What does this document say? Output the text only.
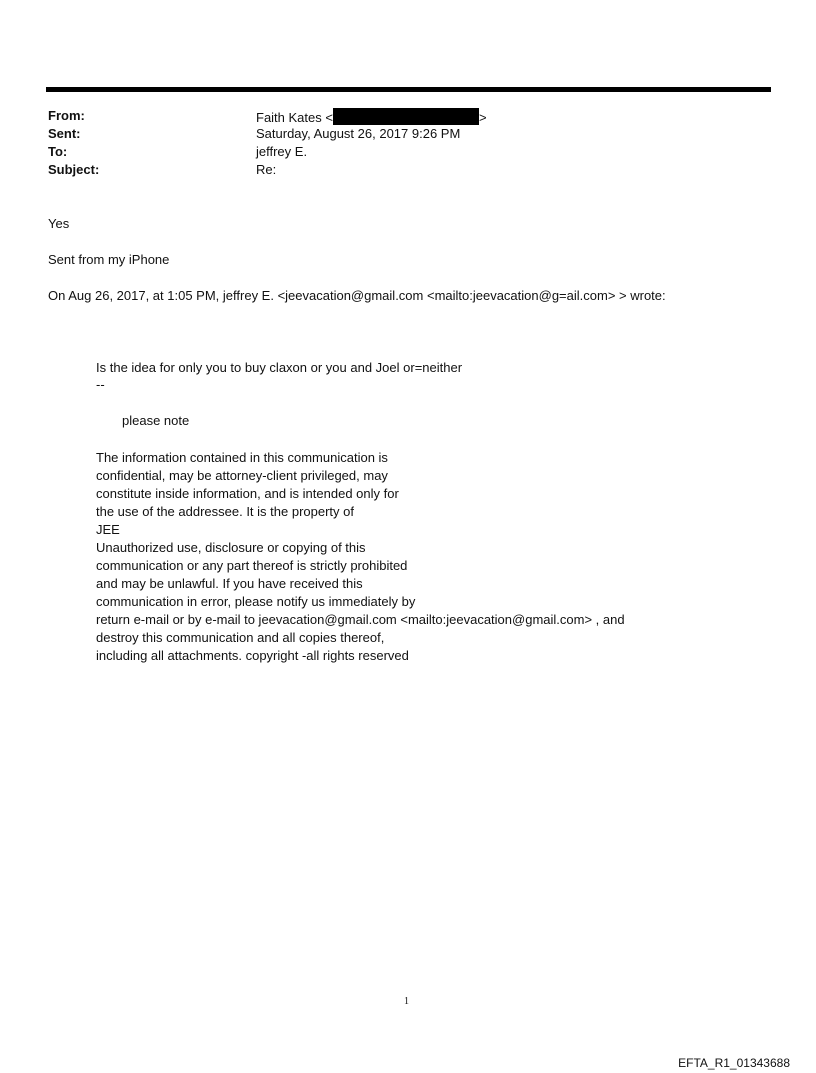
From:	Faith Kates <	>
Sent:	Saturday, August 26, 2017 9:26 PM
To:	jeffrey E.
Subject:	Re:
Yes
Sent from my iPhone
On Aug 26, 2017, at 1:05 PM, jeffrey E. <jeevacation@gmail.com <mailto:jeevacation@g=ail.com> > wrote:
Is the idea for only you to buy claxon or you and Joel or=neither
--
please note
The information contained in this communication is
confidential, may be attorney-client privileged, may
constitute inside information, and is intended only for
the use of the addressee. It is the property of
JEE
Unauthorized use, disclosure or copying of this
communication or any part thereof is strictly prohibited
and may be unlawful. If you have received this
communication in error, please notify us immediately by
return e-mail or by e-mail to jeevacation@gmail.com <mailto:jeevacation@gmail.com> , and
destroy this communication and all copies thereof,
including all attachments. copyright -all rights reserved
1
EFTA_R1_01343688
